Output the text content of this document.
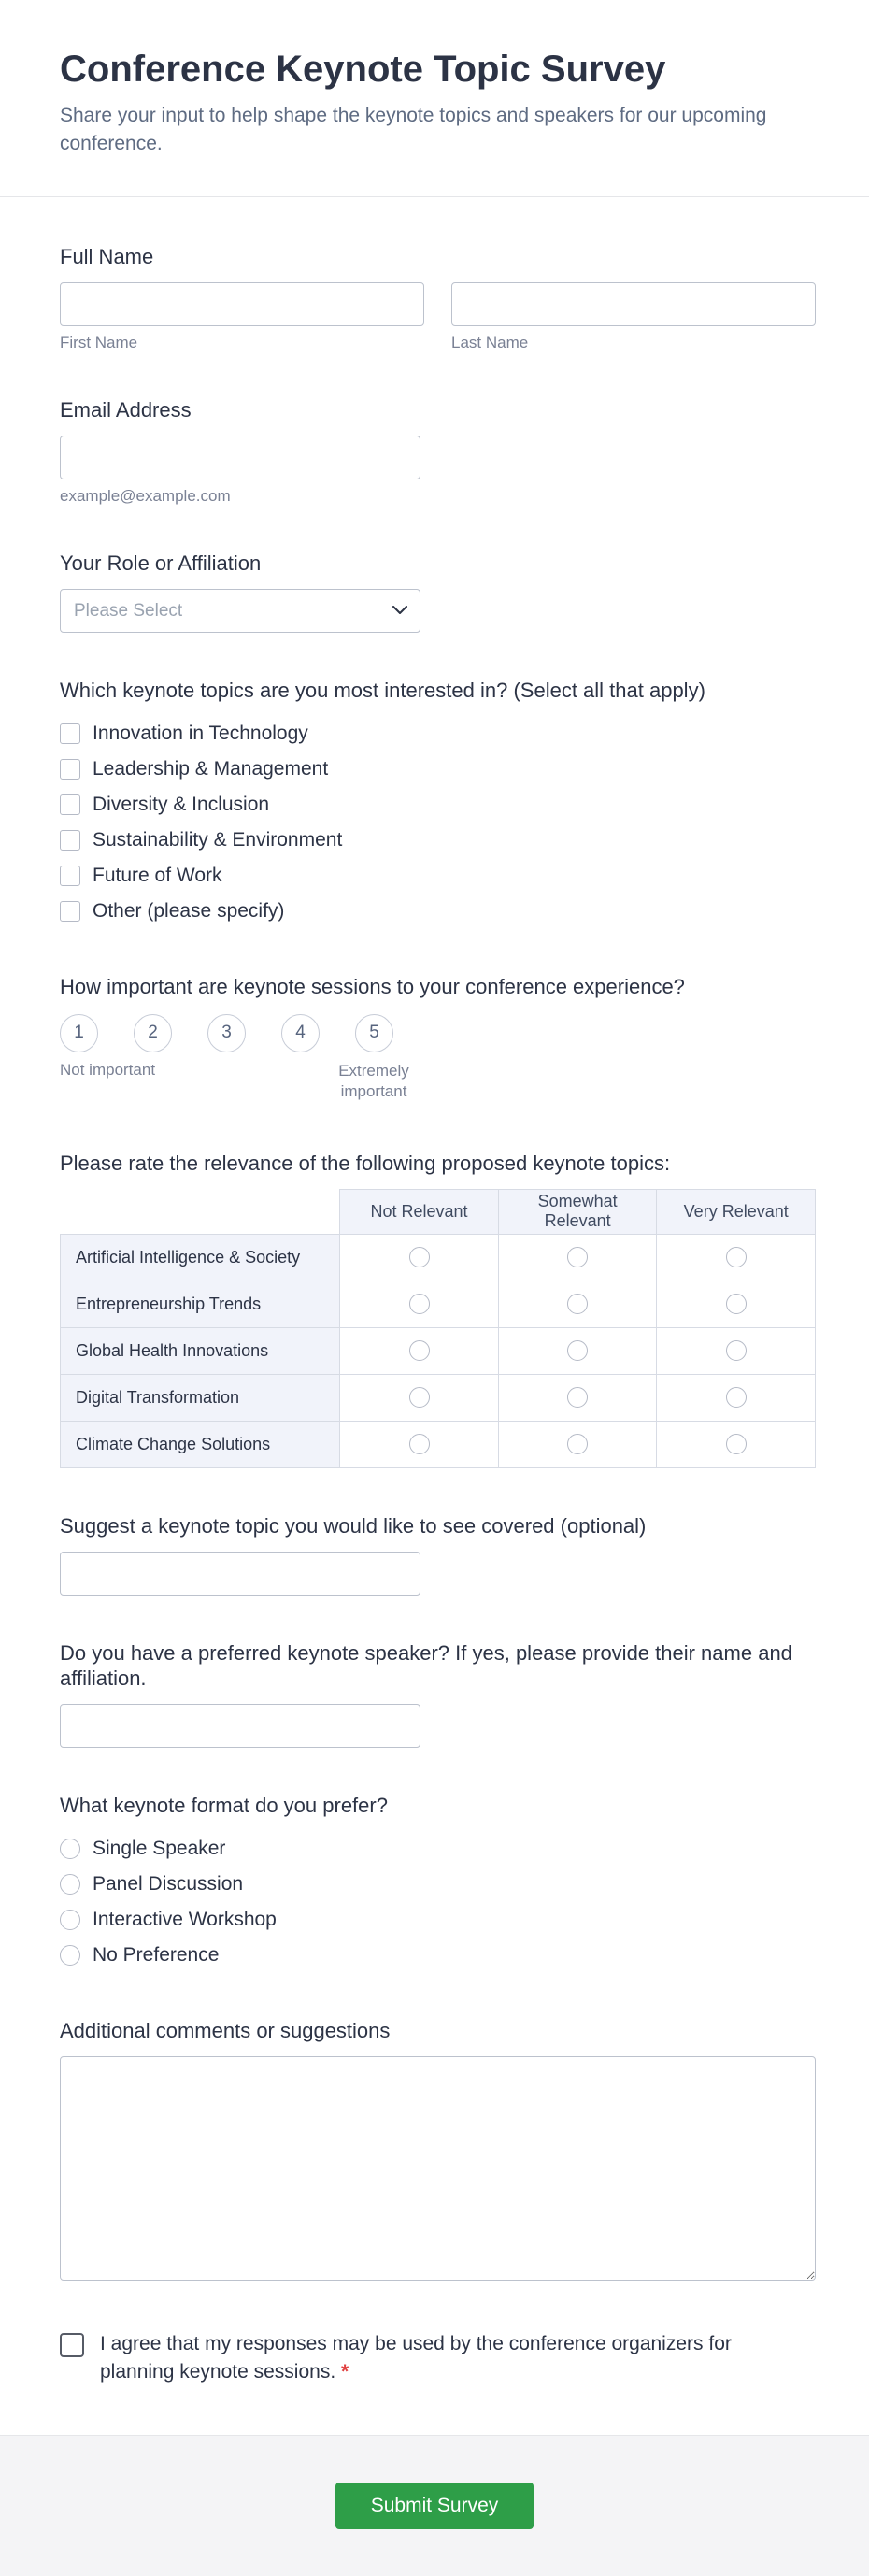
Conference Keynote Topic Survey

Share your input to help shape the keynote topics and speakers for our upcoming conference.

Full Name
First Name	Last Name
Email Address
example@example.com
Your Role or Affiliation
Please Select
Which keynote topics are you most interested in? (Select all that apply)
Innovation in Technology
Leadership & Management
Diversity & Inclusion
Sustainability & Environment
Future of Work
Other (please specify)
How important are keynote sessions to your conference experience?
1	2	3	4	5
Not important	Extremely important
Please rate the relevance of the following proposed keynote topics:
	Not Relevant	Somewhat Relevant	Very Relevant
Artificial Intelligence & Society			
Entrepreneurship Trends			
Global Health Innovations			
Digital Transformation			
Climate Change Solutions			
Suggest a keynote topic you would like to see covered (optional)
Do you have a preferred keynote speaker? If yes, please provide their name and affiliation.
What keynote format do you prefer?
Single Speaker
Panel Discussion
Interactive Workshop
No Preference
Additional comments or suggestions
I agree that my responses may be used by the conference organizers for planning keynote sessions. *
Submit Survey
